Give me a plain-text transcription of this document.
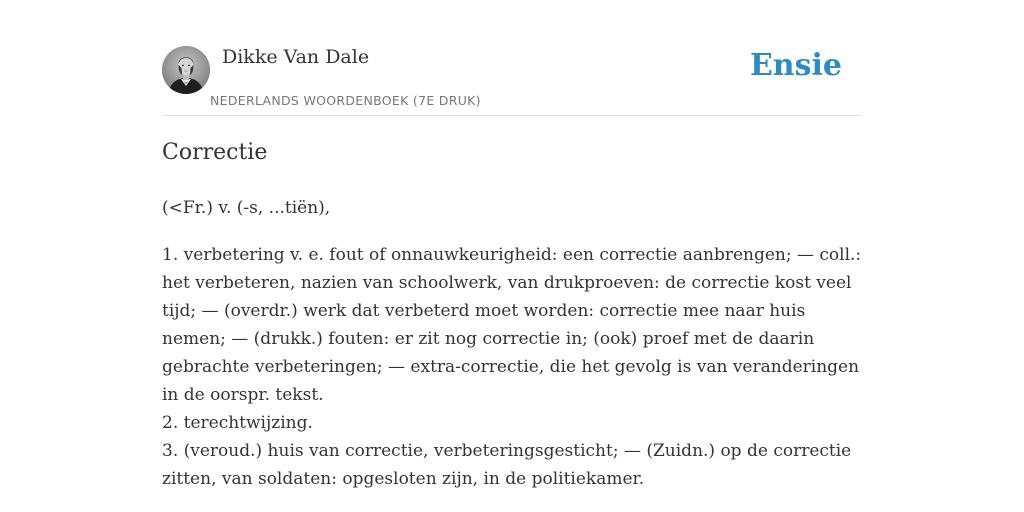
Dikke Van Dale
NEDERLANDS WOORDENBOEK (7E DRUK)
Ensie
Correctie

(<Fr.) v. (-s, ...tiën),

1. verbetering v. e. fout of onnauwkeurigheid: een correctie aanbrengen; — coll.: het verbeteren, nazien van schoolwerk, van drukproeven: de correctie kost veel tijd; — (overdr.) werk dat verbeterd moet worden: correctie mee naar huis nemen; — (drukk.) fouten: er zit nog correctie in; (ook) proef met de daarin gebrachte verbeteringen; — extra-correctie, die het gevolg is van veranderingen in de oorspr. tekst.

2. terechtwijzing.

3. (veroud.) huis van correctie, verbeteringsgesticht; — (Zuidn.) op de correctie zitten, van soldaten: opgesloten zijn, in de politiekamer.
